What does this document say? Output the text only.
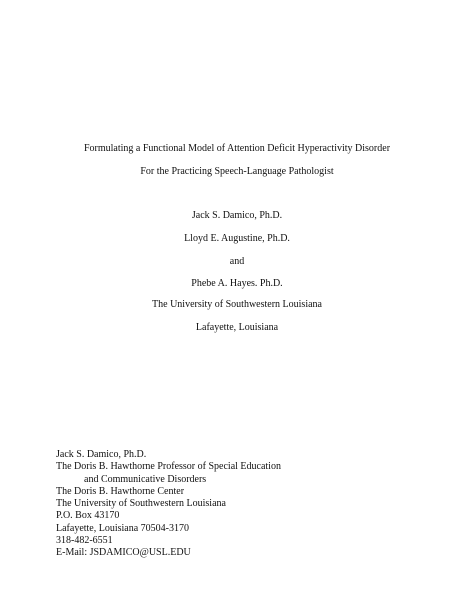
Formulating a Functional Model of Attention Deficit Hyperactivity Disorder
For the Practicing Speech-Language Pathologist
Jack S. Damico, Ph.D.
Lloyd E. Augustine, Ph.D.
and
Phebe A. Hayes. Ph.D.
The University of Southwestern Louisiana
Lafayette, Louisiana
Jack S. Damico, Ph.D.
The Doris B. Hawthorne Professor of Special Education
and Communicative Disorders
The Doris B. Hawthorne Center
The University of Southwestern Louisiana
P.O. Box 43170
Lafayette, Louisiana 70504-3170
318-482-6551
E-Mail: JSDAMICO@USL.EDU
